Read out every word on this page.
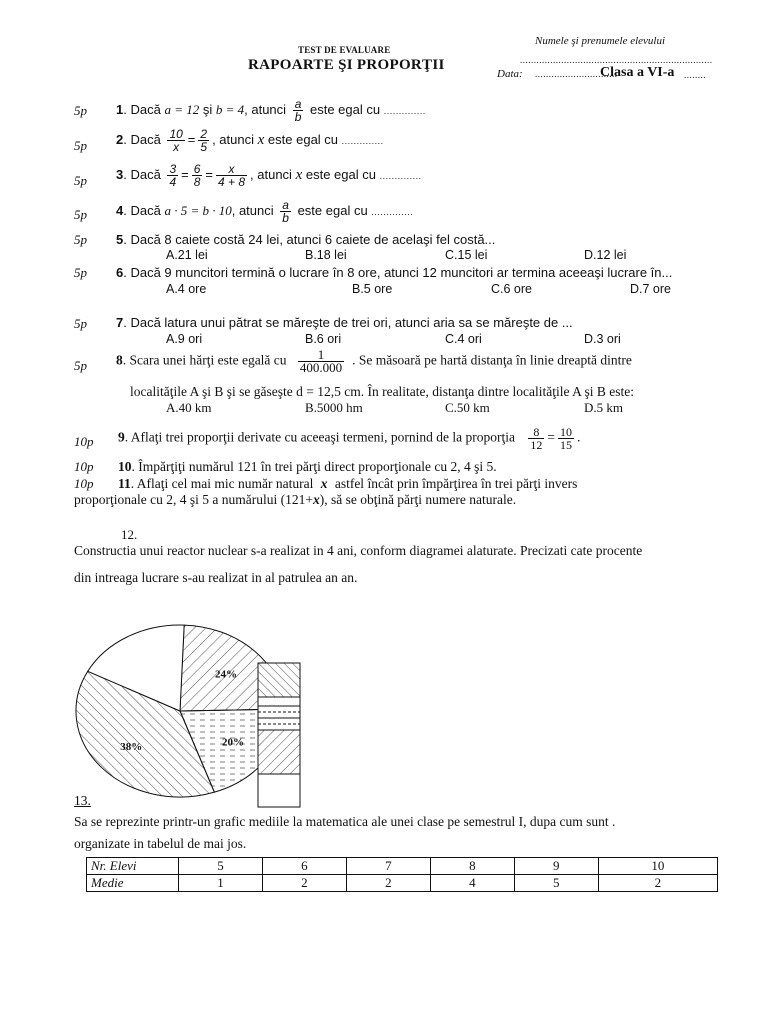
TEST DE EVALUARE
RAPOARTE ŞI PROPORŢII
Numele şi prenumele elevului
......................................................................
Data: ..............................
Clasa a VI-a ........
5p 1. Dacă a = 12 şi b = 4, atunci $\frac{a}{b}$ este egal cu ..............
5p 2. Dacă $\frac{10}{x} = \frac{2}{5}$ , atunci x este egal cu ..............
5p 3. Dacă $\frac{3}{4} = \frac{6}{8} = \frac{x}{4 + 8}$ , atunci x este egal cu ..............
5p 4. Dacă a · 5 = b · 10, atunci $\frac{a}{b}$ este egal cu ..............
5p 5. Dacă 8 caiete costă 24 lei, atunci 6 caiete de acelaşi fel costă...
A.21 lei	B.18 lei	C.15 lei	D.12 lei
5p 6. Dacă 9 muncitori termină o lucrare în 8 ore, atunci 12 muncitori ar termina aceeaşi lucrare în...
A.4 ore	B.5 ore	C.6 ore	D.7 ore
5p 7. Dacă latura unui pătrat se măreşte de trei ori, atunci aria sa se măreşte de ...
A.9 ori	B.6 ori	C.4 ori	D.3 ori
5p 8. Scara unei hărţi este egală cu $\frac{1}{400.000}$ . Se măsoară pe hartă distanţa în linie dreaptă dintre
localităţile A şi B şi se găseşte d = 12,5 cm. În realitate, distanţa dintre localităţile A şi B este:
A.40 km	B.5000 hm	C.50 km	D.5 km
10p 9. Aflaţi trei proporţii derivate cu aceeaşi termeni, pornind de la proporţia $\frac{8}{12} = \frac{10}{15}$ .
10p 10. Împărţiţi numărul 121 în trei părţi direct proporţionale cu 2, 4 şi 5.
10p 11. Aflaţi cel mai mic număr natural x astfel încât prin împărţirea în trei părţi invers
proporţionale cu 2, 4 şi 5 a numărului (121+x), să se obţină părţi numere naturale.
12.
Constructia unui reactor nuclear s-a realizat in 4 ani, conform diagramei alaturate. Precizati cate procente
din intreaga lucrare s-au realizat in al patrulea an an.
24%
20%
38%
13.
Sa se reprezinte printr-un grafic mediile la matematica ale unei clase pe semestrul I, dupa cum sunt .
organizate in tabelul de mai jos.
Nr. Elevi	5	6	7	8	9	10
Medie	1	2	2	4	5	2
